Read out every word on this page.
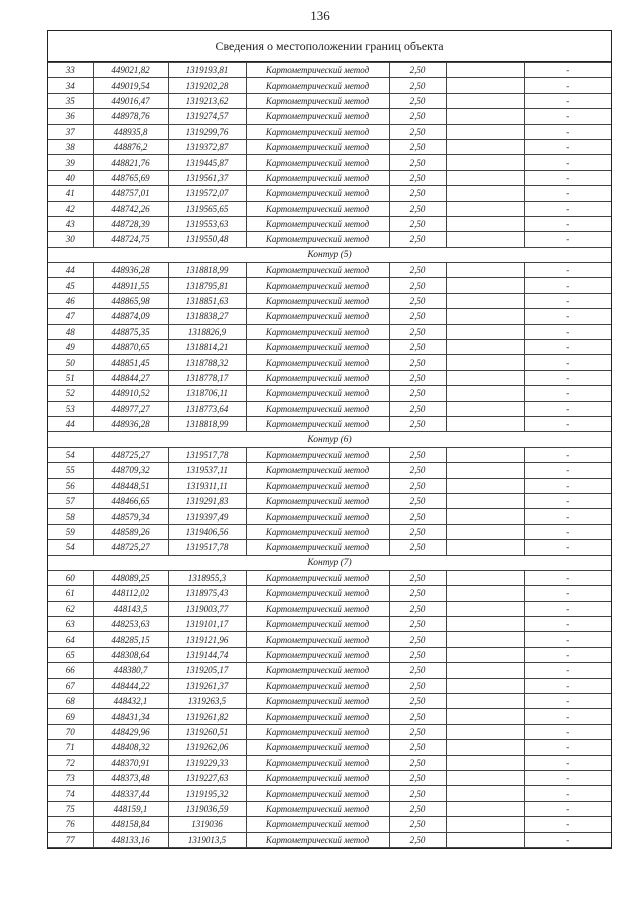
136
Сведения о местоположении границ объекта
33	449021,82	1319193,81	Картометрический метод	2,50		-
34	449019,54	1319202,28	Картометрический метод	2,50		-
35	449016,47	1319213,62	Картометрический метод	2,50		-
36	448978,76	1319274,57	Картометрический метод	2,50		-
37	448935,8	1319299,76	Картометрический метод	2,50		-
38	448876,2	1319372,87	Картометрический метод	2,50		-
39	448821,76	1319445,87	Картометрический метод	2,50		-
40	448765,69	1319561,37	Картометрический метод	2,50		-
41	448757,01	1319572,07	Картометрический метод	2,50		-
42	448742,26	1319565,65	Картометрический метод	2,50		-
43	448728,39	1319553,63	Картометрический метод	2,50		-
30	448724,75	1319550,48	Картометрический метод	2,50		-
Контур (5)						
44	448936,28	1318818,99	Картометрический метод	2,50		-
45	448911,55	1318795,81	Картометрический метод	2,50		-
46	448865,98	1318851,63	Картометрический метод	2,50		-
47	448874,09	1318838,27	Картометрический метод	2,50		-
48	448875,35	1318826,9	Картометрический метод	2,50		-
49	448870,65	1318814,21	Картометрический метод	2,50		-
50	448851,45	1318788,32	Картометрический метод	2,50		-
51	448844,27	1318778,17	Картометрический метод	2,50		-
52	448910,52	1318706,11	Картометрический метод	2,50		-
53	448977,27	1318773,64	Картометрический метод	2,50		-
44	448936,28	1318818,99	Картометрический метод	2,50		-
Контур (6)						
54	448725,27	1319517,78	Картометрический метод	2,50		-
55	448709,32	1319537,11	Картометрический метод	2,50		-
56	448448,51	1319311,11	Картометрический метод	2,50		-
57	448466,65	1319291,83	Картометрический метод	2,50		-
58	448579,34	1319397,49	Картометрический метод	2,50		-
59	448589,26	1319406,56	Картометрический метод	2,50		-
54	448725,27	1319517,78	Картометрический метод	2,50		-
Контур (7)						
60	448089,25	1318955,3	Картометрический метод	2,50		-
61	448112,02	1318975,43	Картометрический метод	2,50		-
62	448143,5	1319003,77	Картометрический метод	2,50		-
63	448253,63	1319101,17	Картометрический метод	2,50		-
64	448285,15	1319121,96	Картометрический метод	2,50		-
65	448308,64	1319144,74	Картометрический метод	2,50		-
66	448380,7	1319205,17	Картометрический метод	2,50		-
67	448444,22	1319261,37	Картометрический метод	2,50		-
68	448432,1	1319263,5	Картометрический метод	2,50		-
69	448431,34	1319261,82	Картометрический метод	2,50		-
70	448429,96	1319260,51	Картометрический метод	2,50		-
71	448408,32	1319262,06	Картометрический метод	2,50		-
72	448370,91	1319229,33	Картометрический метод	2,50		-
73	448373,48	1319227,63	Картометрический метод	2,50		-
74	448337,44	1319195,32	Картометрический метод	2,50		-
75	448159,1	1319036,59	Картометрический метод	2,50		-
76	448158,84	1319036	Картометрический метод	2,50		-
77	448133,16	1319013,5	Картометрический метод	2,50		-
